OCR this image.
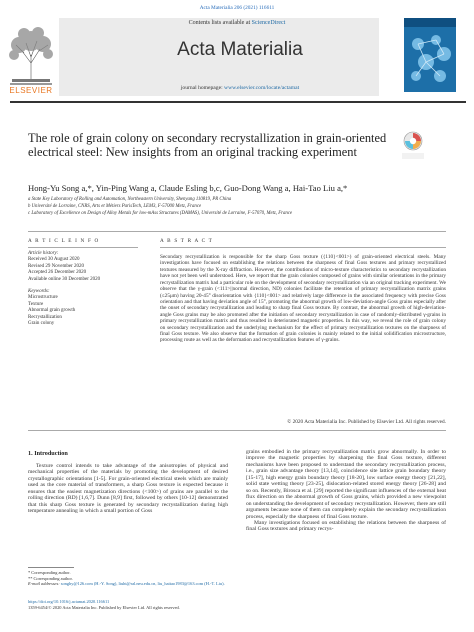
Acta Materialia 206 (2021) 116611
Contents lists available at ScienceDirect
Acta Materialia
journal homepage: www.elsevier.com/locate/actamat
ELSEVIER
The role of grain colony on secondary recrystallization in grain-oriented electrical steel: New insights from an original tracking experiment
Hong-Yu Song a,*, Yin-Ping Wang a, Claude Esling b,c, Guo-Dong Wang a, Hai-Tao Liu a,*
a State Key Laboratory of Rolling and Automation, Northeastern University, Shenyang 110819, PR China
b Université de Lorraine, CNRS, Arts et Métiers ParisTech, LEM3, F-57000 Metz, France
c Laboratory of Excellence on Design of Alloy Metals for low-mAss Structures (DAMAS), Université de Lorraine, F-57070, Metz, France
A R T I C L E I N F O
Article history:
Received 30 August 2020
Revised 29 November 2020
Accepted 26 December 2020
Available online 30 December 2020
Keywords:
Microstructure
Texture
Abnormal grain growth
Recrystallization
Grain colony
A B S T R A C T
Secondary recrystallization is responsible for the sharp Goss texture ({110}<001>) of grain-oriented electrical steels. Many investigations have focused on establishing the relations between the sharpness of final Goss textures and primary recrystallized textures measured by the X-ray diffraction. However, the contributions of micro-texture characteristics to secondary recrystallization have not yet been well understood. Here, we report that the grain colonies composed of grains with similar orientations in the primary recrystallization matrix had a particular role on the development of secondary recrystallization via an original tracking experiment. We observe that the γ-grain (<111>||normal direction, ND) colonies facilitate the retention of primary recrystallization matrix grains (≤25μm) having 20-45° disorientation with {110}<001> and relatively large difference in the associated frequency with precise Goss orientation and that having deviation angle of 15°, promoting the abnormal growth of low-deviation-angle Goss grains especially after the onset of secondary recrystallization and leading to sharp final Goss texture. By contrast, the abnormal growth of high-deviation-angle Goss grains may be also promoted after the initiation of secondary recrystallization in case of randomly-distributed γ-grains in primary recrystallization matrix and thus resulted in deteriorated magnetic properties. In this way, we reveal the role of grain colony on secondary recrystallization and the underlying mechanism for the effect of primary recrystallization textures on the sharpness of final Goss texture. We also observe that the formation of grain colonies is mainly related to the initial solidification microstructure, processing route as well as the deformation and recrystallization features of γ-grains.
© 2020 Acta Materialia Inc. Published by Elsevier Ltd. All rights reserved.
1. Introduction
Texture control intends to take advantage of the anisotropies of physical and mechanical properties of the materials by promoting the development of desired crystallographic orientations [1-5]. For grain-oriented electrical steels which are mainly used as the core material of transformers, a sharp Goss texture is expected because it ensures that the easiest magnetization directions (<100>) of grains are parallel to the rolling direction (RD) [1,6,7]. Dunn [8,9] first, followed by others [10-12] demonstrated that this sharp Goss texture is generated by secondary recrystallization during high temperature annealing in which a small portion of Goss
grains embodied in the primary recrystallization matrix grow abnormally. In order to improve the magnetic properties by sharpening the final Goss texture, different mechanisms have been proposed to understand the secondary recrystallization process, i.e., grain size advantage theory [13,14], coincidence site lattice grain boundary theory [15-17], high energy grain boundary theory [18-20], low surface energy theory [21,22], solid state wetting theory [23-25], dislocation-related stored energy theory [26-28] and so on. Recently, Birosca et al. [29] reported the significant influences of the external heat flux direction on the abnormal growth of Goss grains, which provided a new viewpoint on understanding the development of secondary recrystallization. However, there are still arguments because none of them can completely explain the secondary recrystallization process, especially the sharpness of final Goss texture.
Many investigations focused on establishing the relations between the sharpness of final Goss textures and primary recrys-
* Corresponding author.
** Corresponding author.
E-mail addresses: songhy@126.com (H.-Y. Song), liuht@ral.neu.edu.cn, liu_haitao1983@163.com (H.-T. Liu).
https://doi.org/10.1016/j.actamat.2020.116611
1359-6454/© 2020 Acta Materialia Inc. Published by Elsevier Ltd. All rights reserved.
